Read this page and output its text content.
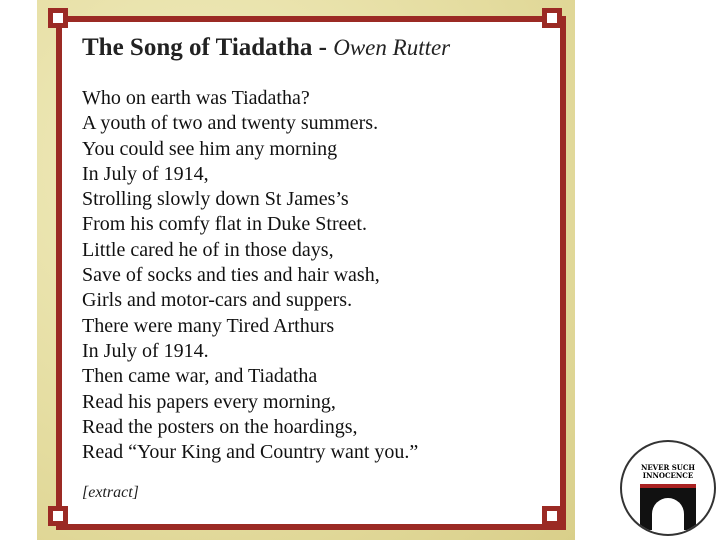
The Song of Tiadatha - Owen Rutter
Who on earth was Tiadatha?
A youth of two and twenty summers.
You could see him any morning
In July of 1914,
Strolling slowly down St James’s
From his comfy flat in Duke Street.
Little cared he of in those days,
Save of socks and ties and hair wash,
Girls and motor-cars and suppers.
There were many Tired Arthurs
In July of 1914.
Then came war, and Tiadatha
Read his papers every morning,
Read the posters on the hoardings,
Read “Your King and Country want you.”
[extract]
NEVER SUCH INNOCENCE
